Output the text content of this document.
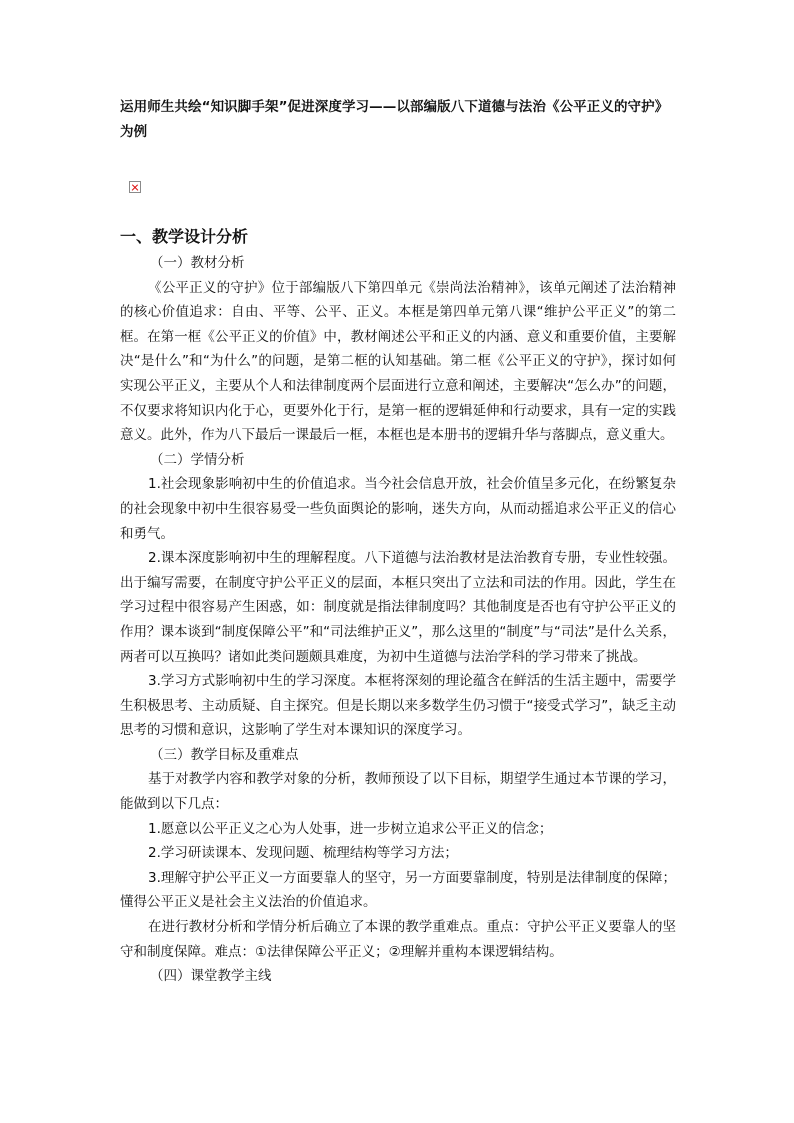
运用师生共绘“知识脚手架”促进深度学习——以部编版八下道德与法治《公平正义的守护》为例
一、教学设计分析

（一）教材分析

《公平正义的守护》位于部编版八下第四单元《崇尚法治精神》，该单元阐述了法治精神的核心价值追求：自由、平等、公平、正义。本框是第四单元第八课“维护公平正义”的第二框。在第一框《公平正义的价值》中，教材阐述公平和正义的内涵、意义和重要价值，主要解决“是什么”和“为什么”的问题，是第二框的认知基础。第二框《公平正义的守护》，探讨如何实现公平正义，主要从个人和法律制度两个层面进行立意和阐述，主要解决“怎么办”的问题，不仅要求将知识内化于心，更要外化于行，是第一框的逻辑延伸和行动要求，具有一定的实践意义。此外，作为八下最后一课最后一框，本框也是本册书的逻辑升华与落脚点，意义重大。

（二）学情分析

1.社会现象影响初中生的价值追求。当今社会信息开放，社会价值呈多元化，在纷繁复杂的社会现象中初中生很容易受一些负面舆论的影响，迷失方向，从而动摇追求公平正义的信心和勇气。

2.课本深度影响初中生的理解程度。八下道德与法治教材是法治教育专册，专业性较强。出于编写需要，在制度守护公平正义的层面，本框只突出了立法和司法的作用。因此，学生在学习过程中很容易产生困惑，如：制度就是指法律制度吗？其他制度是否也有守护公平正义的作用？课本谈到“制度保障公平”和“司法维护正义”，那么这里的“制度”与“司法”是什么关系，两者可以互换吗？诸如此类问题颇具难度，为初中生道德与法治学科的学习带来了挑战。

3.学习方式影响初中生的学习深度。本框将深刻的理论蕴含在鲜活的生活主题中，需要学生积极思考、主动质疑、自主探究。但是长期以来多数学生仍习惯于“接受式学习”，缺乏主动思考的习惯和意识，这影响了学生对本课知识的深度学习。

（三）教学目标及重难点

基于对教学内容和教学对象的分析，教师预设了以下目标，期望学生通过本节课的学习，能做到以下几点：

1.愿意以公平正义之心为人处事，进一步树立追求公平正义的信念；

2.学习研读课本、发现问题、梳理结构等学习方法；

3.理解守护公平正义一方面要靠人的坚守，另一方面要靠制度，特别是法律制度的保障；懂得公平正义是社会主义法治的价值追求。

在进行教材分析和学情分析后确立了本课的教学重难点。重点：守护公平正义要靠人的坚守和制度保障。难点：①法律保障公平正义；②理解并重构本课逻辑结构。

（四）课堂教学主线
